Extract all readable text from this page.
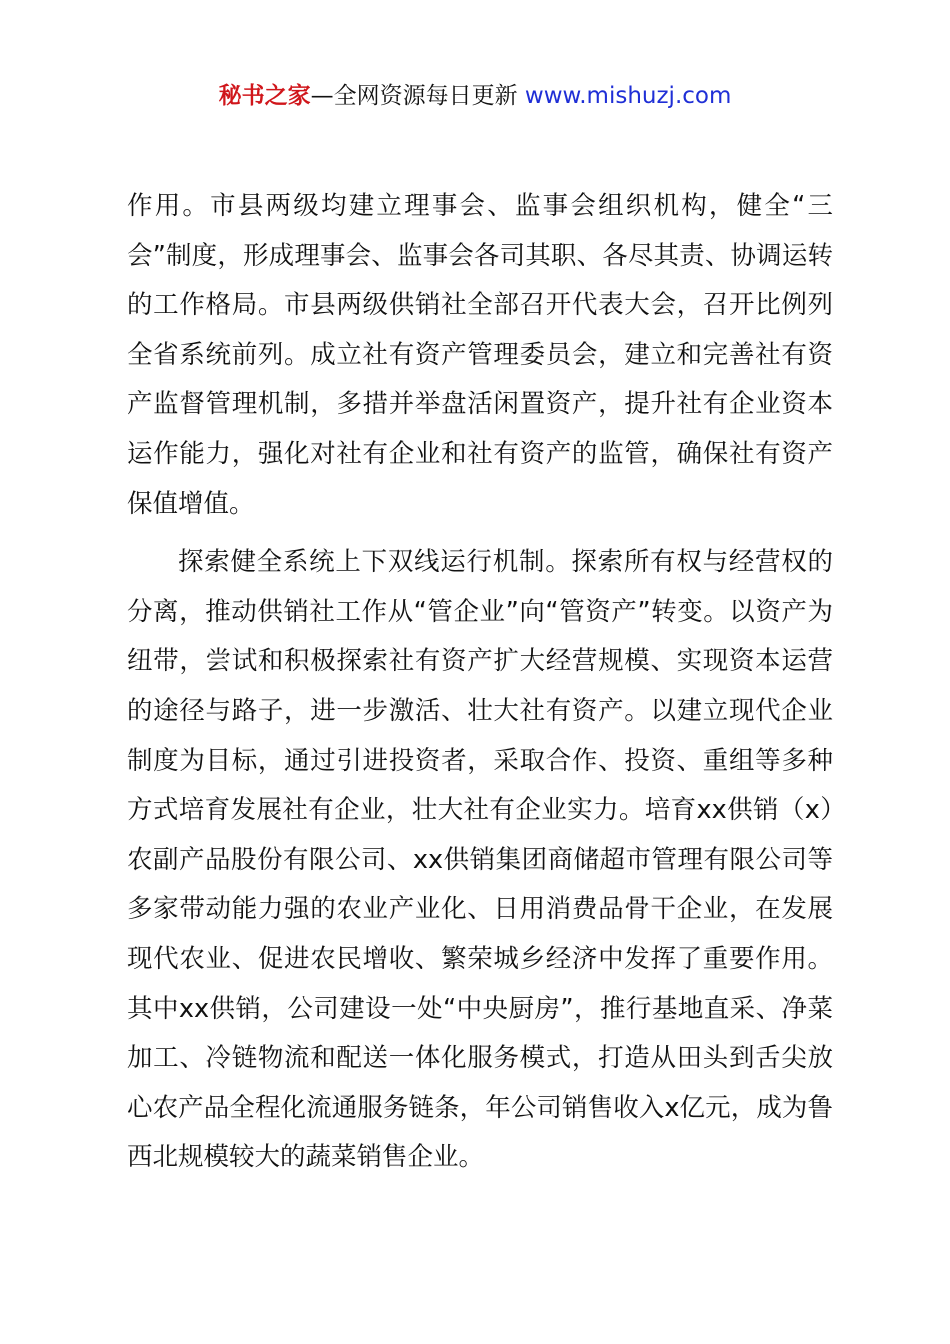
秘书之家—全网资源每日更新 www.mishuzj.com

作用。市县两级均建立理事会、监事会组织机构，健全“三会”制度，形成理事会、监事会各司其职、各尽其责、协调运转的工作格局。市县两级供销社全部召开代表大会，召开比例列全省系统前列。成立社有资产管理委员会，建立和完善社有资产监督管理机制，多措并举盘活闲置资产，提升社有企业资本运作能力，强化对社有企业和社有资产的监管，确保社有资产保值增值。

探索健全系统上下双线运行机制。探索所有权与经营权的分离，推动供销社工作从“管企业”向“管资产”转变。以资产为纽带，尝试和积极探索社有资产扩大经营规模、实现资本运营的途径与路子，进一步激活、壮大社有资产。以建立现代企业制度为目标，通过引进投资者，采取合作、投资、重组等多种方式培育发展社有企业，壮大社有企业实力。培育xx供销（x）农副产品股份有限公司、xx供销集团商储超市管理有限公司等多家带动能力强的农业产业化、日用消费品骨干企业，在发展现代农业、促进农民增收、繁荣城乡经济中发挥了重要作用。其中xx供销，公司建设一处“中央厨房”，推行基地直采、净菜加工、冷链物流和配送一体化服务模式，打造从田头到舌尖放心农产品全程化流通服务链条，年公司销售收入x亿元，成为鲁西北规模较大的蔬菜销售企业。
